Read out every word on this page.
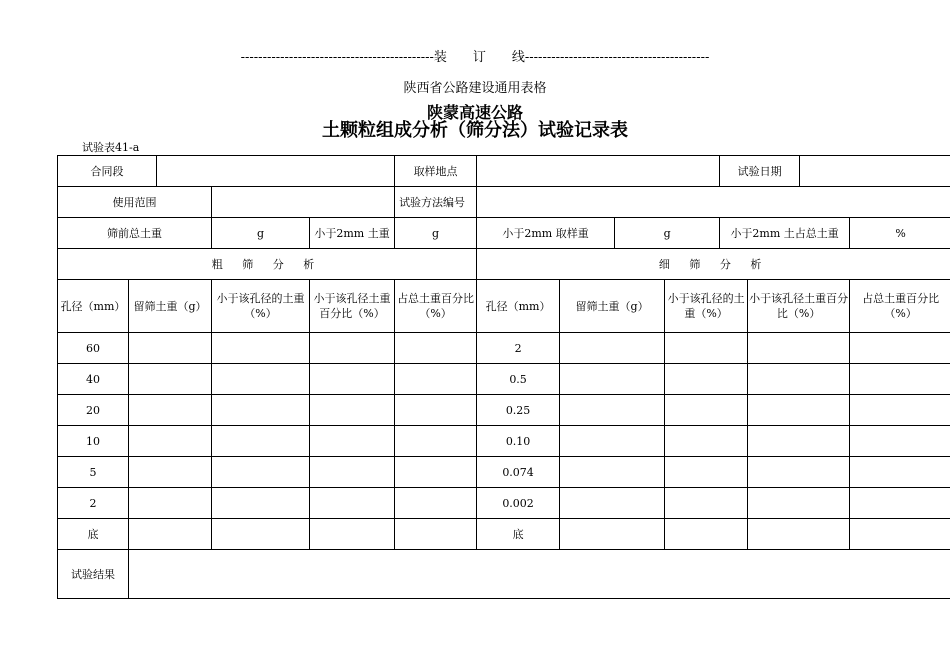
--------------------------------------------装　　订　　线------------------------------------------
陕西省公路建设通用表格
陕蒙高速公路
土颗粒组成分析（筛分法）试验记录表
试验表41-a
合同段					取样地点					试验日期			
使用范围					试验方法编号								
筛前总土重			g	小于2mm 土重	g	小于2mm 取样重		g		小于2mm 土占总土重			%
粗 筛 分 析						细 筛 分 析							
孔径（mm）	留筛土重（g）		小于该孔径的土重（%）	小于该孔径土重百分比（%）	占总土重百分比（%）	孔径（mm）	留筛土重（g）		小于该孔径的土重（%）		小于该孔径土重百分比（%）		占总土重百分比（%）
60						2							
40						0.5							
20						0.25							
10						0.10							
5						0.074							
2						0.002							
底						底							
试验结果													
